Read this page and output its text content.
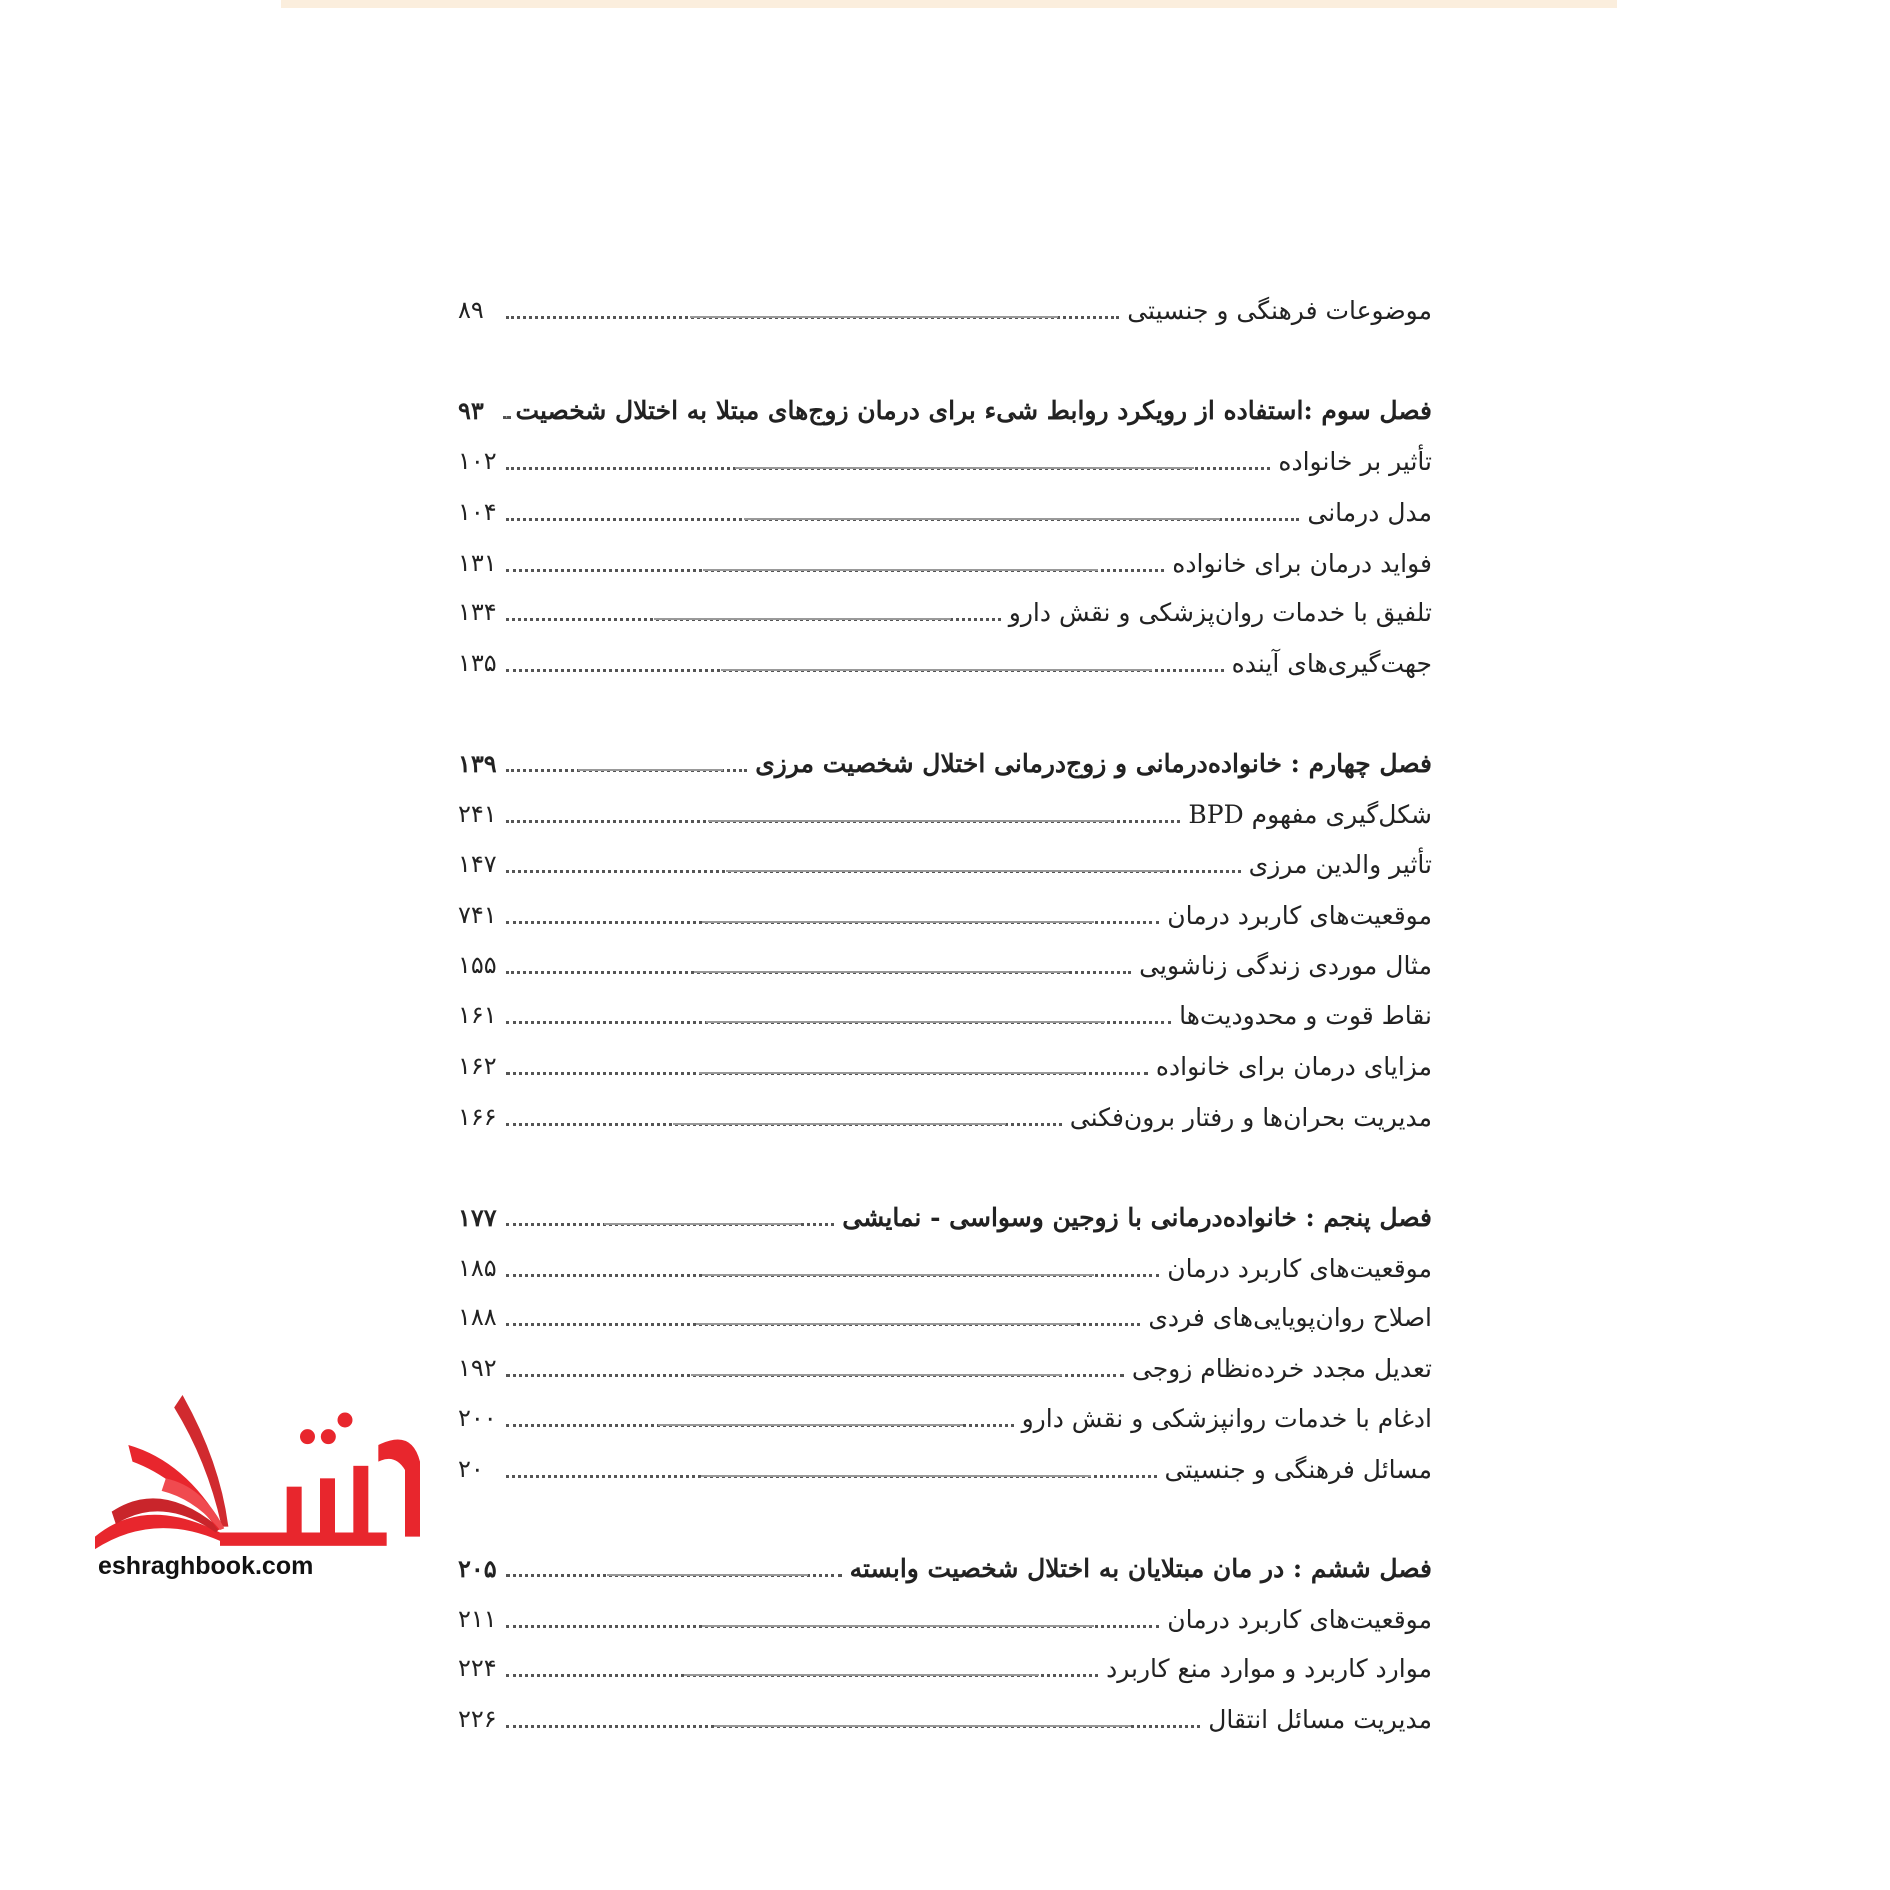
eshraghbook.com
موضوعات فرهنگی و جنسیتی
۸۹
فصل سوم :استفاده از رویکرد روابط شیء برای درمان زوج‌های مبتلا به اختلال شخصیت
۹۳
تأثیر بر خانواده
۱۰۲
مدل درمانی
۱۰۴
فواید درمان برای خانواده
۱۳۱
تلفیق با خدمات روان‌پزشکی و نقش دارو
۱۳۴
جهت‌گیری‌های آینده
۱۳۵
فصل چهارم : خانواده‌درمانی و زوج‌درمانی اختلال شخصیت مرزی
۱۳۹
شکل‌گیری مفهوم BPD
۲۴۱
تأثیر والدین مرزی
۱۴۷
موقعیت‌های کاربرد درمان
۷۴۱
مثال موردی زندگی زناشویی
۱۵۵
نقاط قوت و محدودیت‌ها
۱۶۱
مزایای درمان برای خانواده
۱۶۲
مدیریت بحران‌ها و رفتار برون‌فکنی
۱۶۶
فصل پنجم : خانواده‌درمانی با زوجین وسواسی - نمایشی
۱۷۷
موقعیت‌های کاربرد درمان
۱۸۵
اصلاح روان‌پویایی‌های فردی
۱۸۸
تعدیل مجدد خرده‌نظام زوجی
۱۹۲
ادغام با خدمات روانپزشکی و نقش دارو
۲۰۰
مسائل فرهنگی و جنسیتی
۲۰
فصل ششم : در مان مبتلایان به اختلال شخصیت وابسته
۲۰۵
موقعیت‌های کاربرد درمان
۲۱۱
موارد کاربرد و موارد منع کاربرد
۲۲۴
مدیریت مسائل انتقال
۲۲۶
